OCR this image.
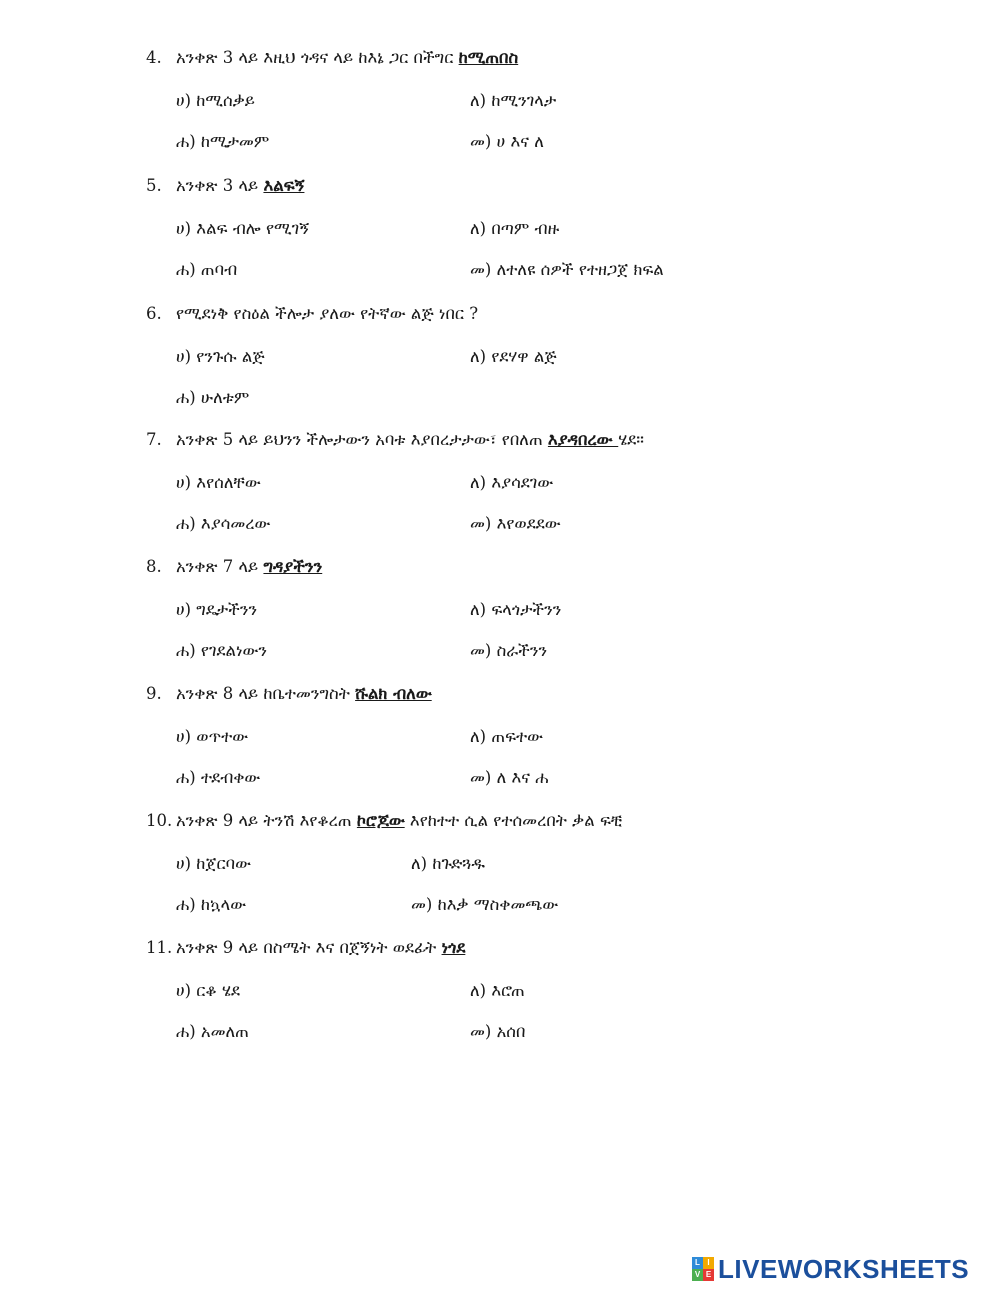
4. አንቀጽ 3 ላይ እዚህ ጎዳና ላይ ከእኔ ጋር በችግር ከሚጠበስ
ሀ) ከሚሰቃይ	ለ) ከሚንገላታ
ሐ) ከሚታመም	መ) ሀ እና ለ
5. አንቀጽ 3 ላይ እልፍኝ
ሀ) እልፍ ብሎ የሚገኝ	ለ) በጣም ብዙ
ሐ) ጠባብ	መ) ለተለዩ ሰዎች የተዘጋጀ ክፍል
6. የሚደነቅ የስዕል ችሎታ ያለው የትኛው ልጅ ነበር ?
ሀ) የንጉሱ ልጅ	ለ) የደሃዋ ልጅ
ሐ) ሁለቱም
7. አንቀጽ 5 ላይ ይህንን ችሎታውን አባቱ እያበረታታው፣ የበለጠ እያዳበረው ሄደ።
ሀ) እየሰለቸው	ለ) እያሳደገው
ሐ) እያሳመረው	መ) እየወደደው
8. አንቀጽ 7 ላይ ግዳያችንን
ሀ) ግዴታችንን	ለ) ፍላጎታችንን
ሐ) የገደልነውን	መ) ስራችንን
9. አንቀጽ 8 ላይ ከቤተመንግስት ሹልክ ብለው
ሀ) ወጥተው	ለ) ጠፍተው
ሐ) ተደብቀው	መ) ለ እና ሐ
10. አንቀጽ 9 ላይ ትንሽ እየቆረጠ ኮሮጆው እየከተተ ሲል የተሰመረበት ቃል ፍቺ
ሀ) ከጀርባው	ለ) ከጉድጓዱ
ሐ) ከኳላው	መ) ከእቃ ማስቀመጫው
11. አንቀጽ 9 ላይ በስሜት እና በጀኝነት ወደፊት ነጎደ
ሀ) ርቆ ሄደ	ለ) እሮጠ
ሐ) አመለጠ	መ) አሰበ
L I
V E LIVEWORKSHEETS
